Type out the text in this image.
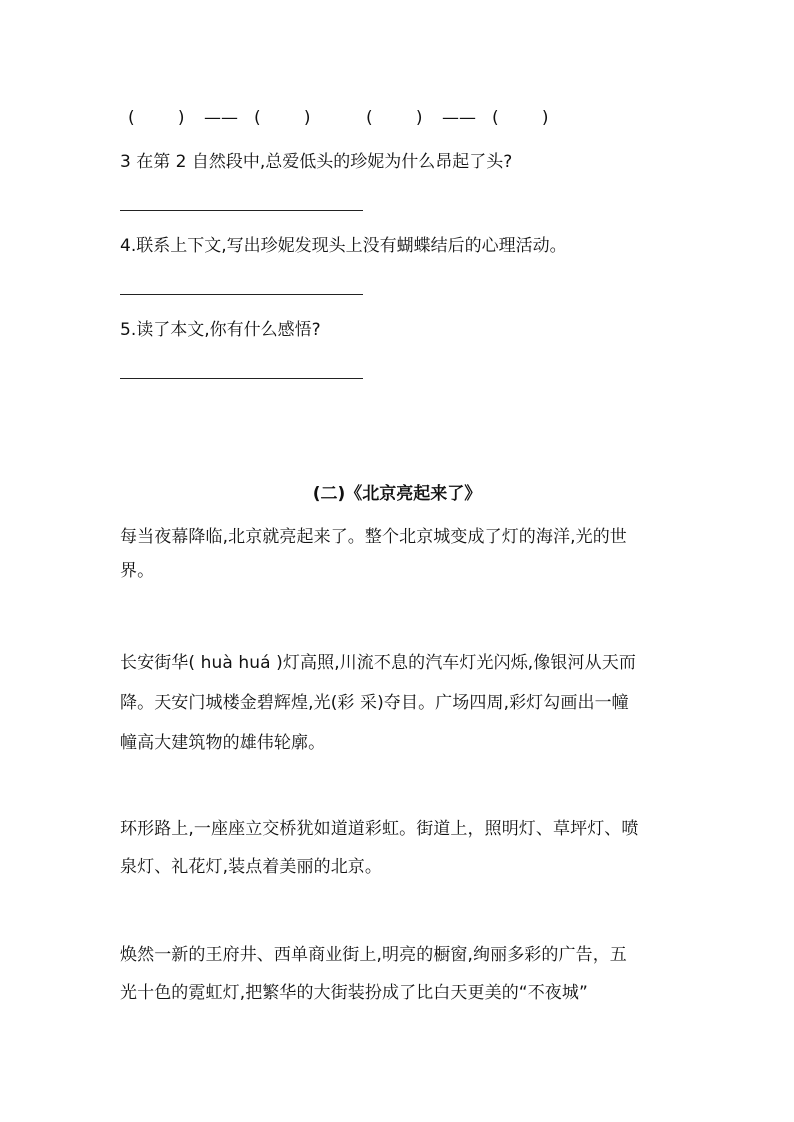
(        ) —— (        )	(        ) —— (        )
3 在第 2 自然段中,总爱低头的珍妮为什么昂起了头?
4.联系上下文,写出珍妮发现头上没有蝴蝶结后的心理活动。
5.读了本文,你有什么感悟?
(二)《北京亮起来了》
每当夜幕降临,北京就亮起来了。整个北京城变成了灯的海洋,光的世
界。
长安街华( huà huá )灯高照,川流不息的汽车灯光闪烁,像银河从天而
降。天安门城楼金碧辉煌,光(彩 采)夺目。广场四周,彩灯勾画出一幢
幢高大建筑物的雄伟轮廓。
环形路上,一座座立交桥犹如道道彩虹。街道上，照明灯、草坪灯、喷
泉灯、礼花灯,装点着美丽的北京。
焕然一新的王府井、西单商业街上,明亮的橱窗,绚丽多彩的广告，五
光十色的霓虹灯,把繁华的大街装扮成了比白天更美的“不夜城”
